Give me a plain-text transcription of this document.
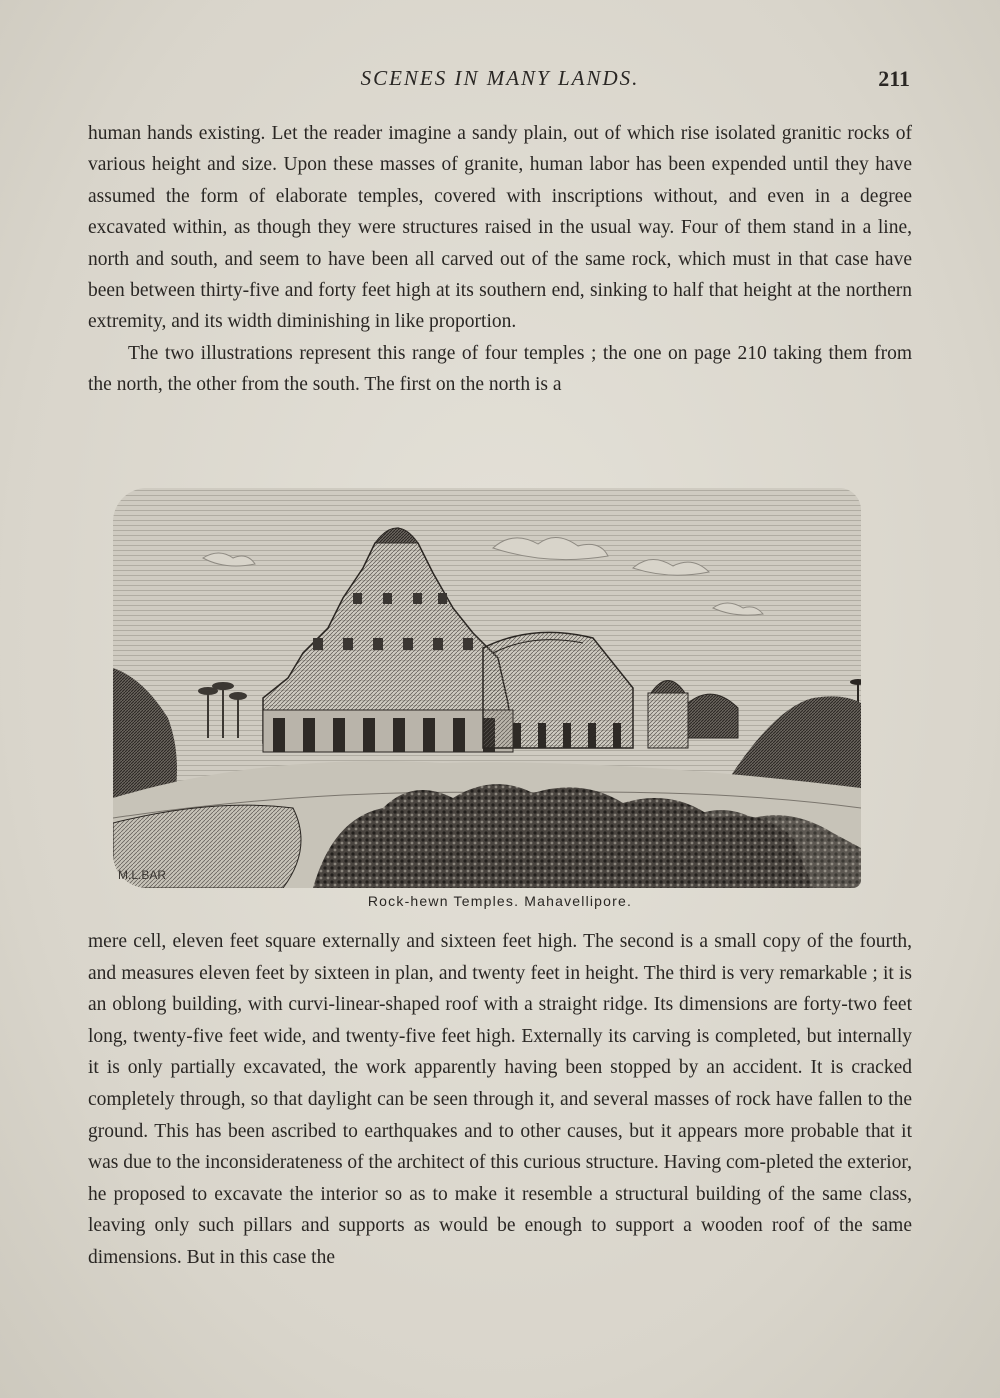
SCENES IN MANY LANDS.	211

human hands existing. Let the reader imagine a sandy plain, out of which rise isolated granitic rocks of various height and size. Upon these masses of granite, human labor has been expended until they have assumed the form of elaborate temples, covered with inscriptions without, and even in a degree excavated within, as though they were structures raised in the usual way. Four of them stand in a line, north and south, and seem to have been all carved out of the same rock, which must in that case have been between thirty-five and forty feet high at its southern end, sinking to half that height at the northern extremity, and its width diminishing in like proportion.

The two illustrations represent this range of four temples ; the one on page 210 taking them from the north, the other from the south. The first on the north is a

M.L.BAR
Rock-hewn Temples. Mahavellipore.

mere cell, eleven feet square externally and sixteen feet high. The second is a small copy of the fourth, and measures eleven feet by sixteen in plan, and twenty feet in height. The third is very remarkable ; it is an oblong building, with curvi-linear-shaped roof with a straight ridge. Its dimensions are forty-two feet long, twenty-five feet wide, and twenty-five feet high. Externally its carving is completed, but internally it is only partially excavated, the work apparently having been stopped by an accident. It is cracked completely through, so that daylight can be seen through it, and several masses of rock have fallen to the ground. This has been ascribed to earthquakes and to other causes, but it appears more probable that it was due to the inconsiderateness of the architect of this curious structure. Having com-pleted the exterior, he proposed to excavate the interior so as to make it resemble a structural building of the same class, leaving only such pillars and supports as would be enough to support a wooden roof of the same dimensions. But in this case the
